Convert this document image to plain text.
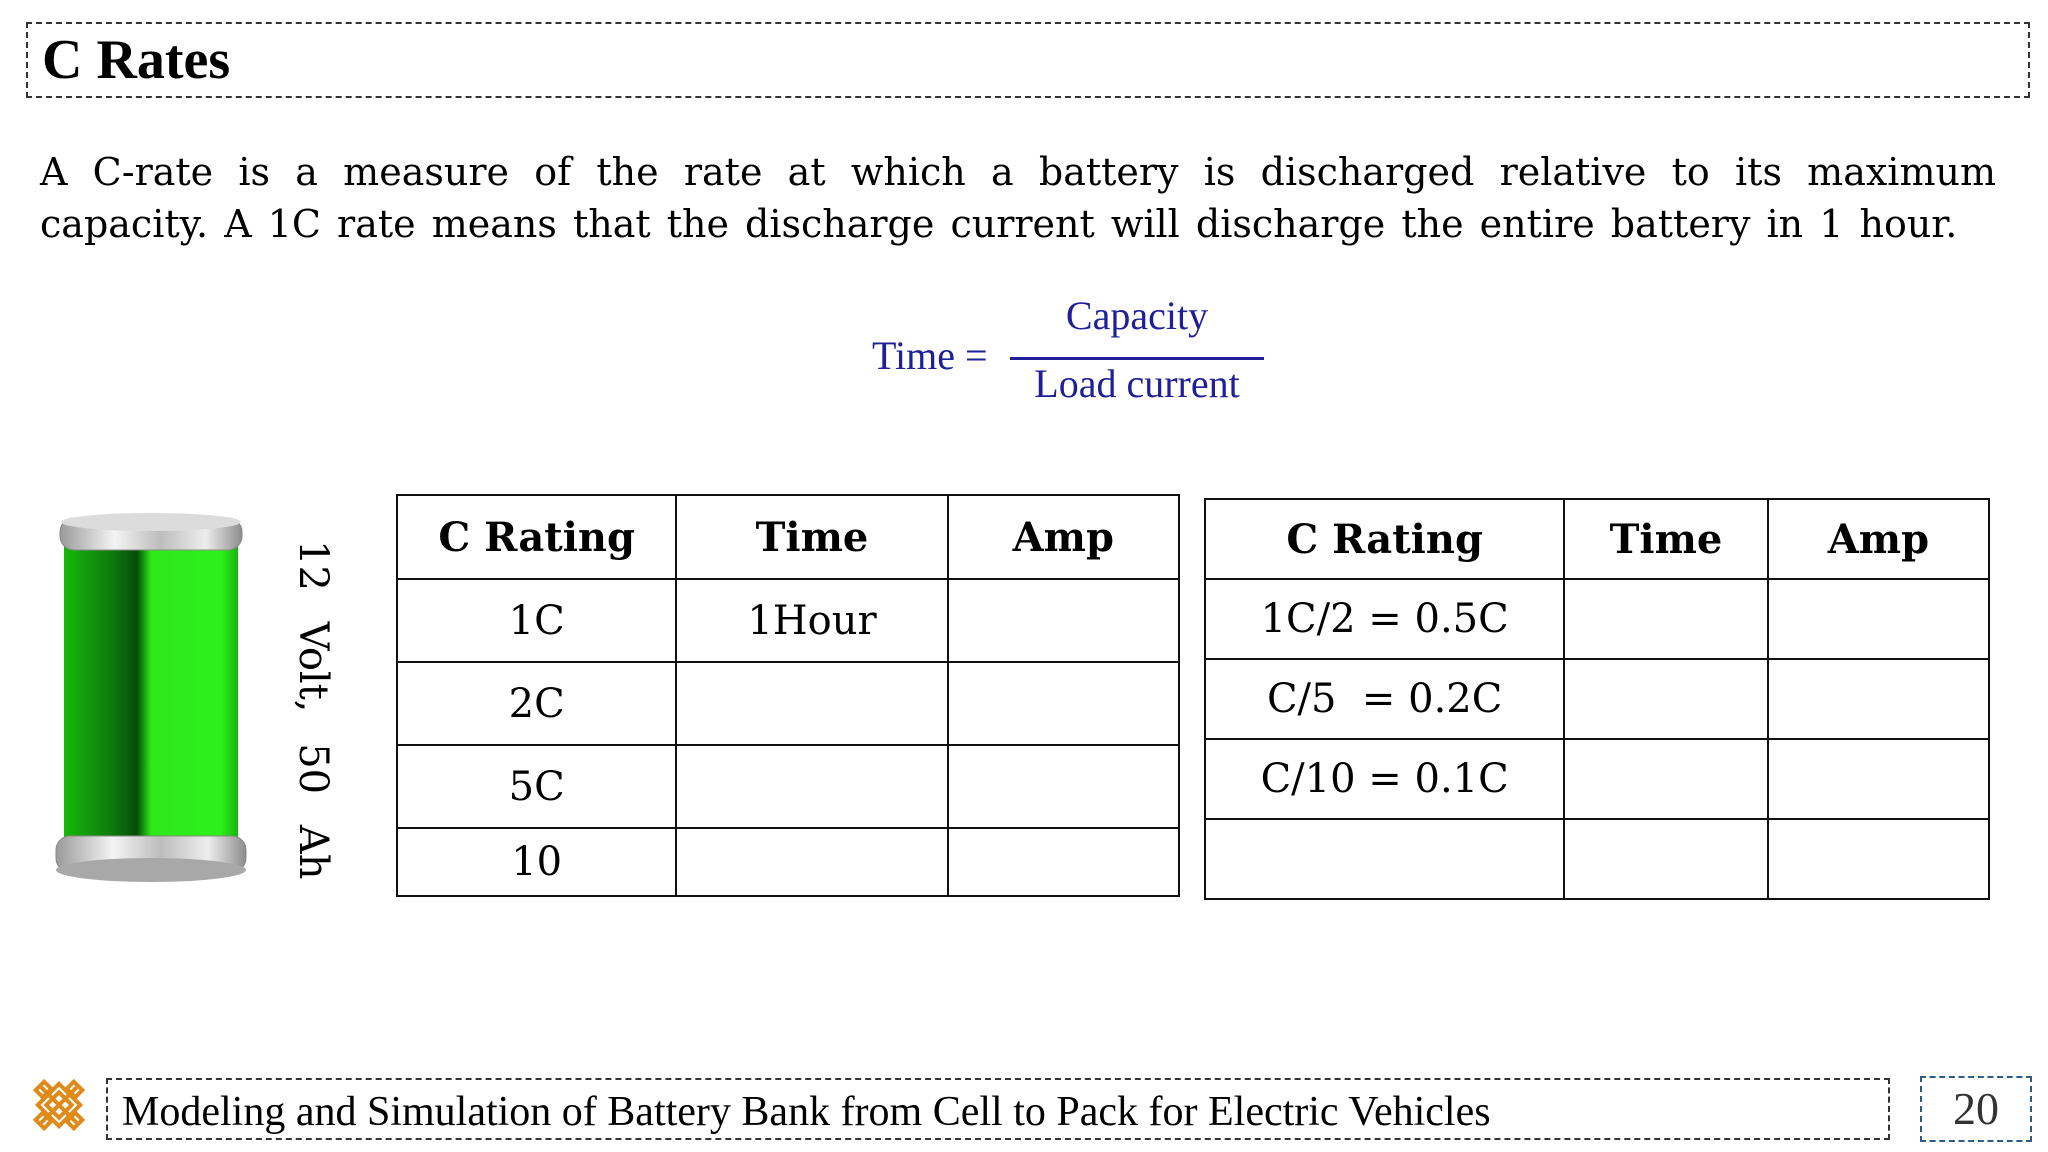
C Rates
A C-rate is a measure of the rate at which a battery is discharged relative to its maximum capacity. A 1C rate means that the discharge current will discharge the entire battery in 1 hour.
Time =
Capacity
Load current
12 Volt, 50 Ah
C Rating	Time	Amp
1C	1Hour	
2C		
5C		
10		
C Rating	Time	Amp
1C/2 = 0.5C		
C/5  = 0.2C		
C/10 = 0.1C		

Modeling and Simulation of Battery Bank from Cell to Pack for Electric Vehicles	20
